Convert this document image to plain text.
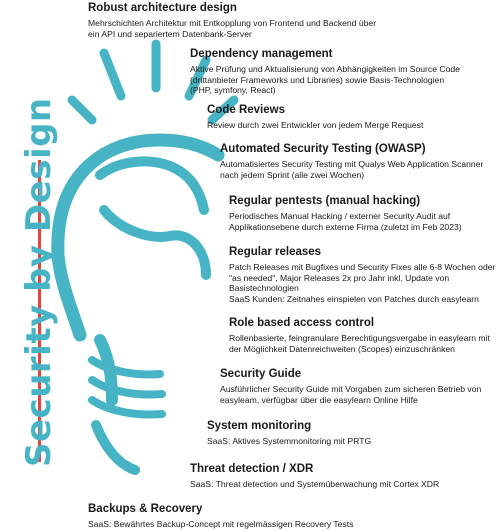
Security by Design
Robust architecture design
Mehrschichten Architektur mit Entkopplung von Frontend und Backend über ein API und separiertem Datenbank-Server
Dependency management
Aktive Prüfung und Aktualisierung von Abhängigkeiten im Source Code (drittanbieter Frameworks und Libraries) sowie Basis-Technologien (PHP, symfony, React)
Code Reviews
Review durch zwei Entwickler von jedem Merge Request
Automated Security Testing (OWASP)
Automatisiertes Security Testing mit Qualys Web Application Scanner nach jedem Sprint (alle zwei Wochen)
Regular pentests (manual hacking)
Periodisches Manual Hacking / externer Security Audit auf Applikationsebene durch externe Firma (zuletzt im Feb 2023)
Regular releases
Patch Releases mit Bugfixes und Security Fixes alle 6-8 Wochen oder "as needed", Major Releases 2x pro Jahr inkl. Update von Basistechnologien
SaaS Kunden: Zeitnahes einspielen von Patches durch easylearn
Role based access control
Rollenbasierte, feingranulare Berechtigungsvergabe in easylearn mit der Möglichkeit Datenreichweiten (Scopes) einzuschränken
Security Guide
Ausführlicher Security Guide mit Vorgaben zum sicheren Betrieb von easyleam, verfügbar über die easylearn Online Hilfe
System monitoring
SaaS: Aktives Systemmonitoring mit PRTG
Threat detection / XDR
SaaS: Threat detection und Systemüberwachung mit Cortex XDR
Backups & Recovery
SaaS: Bewährtes Backup-Concept mit regelmässigen Recovery Tests
